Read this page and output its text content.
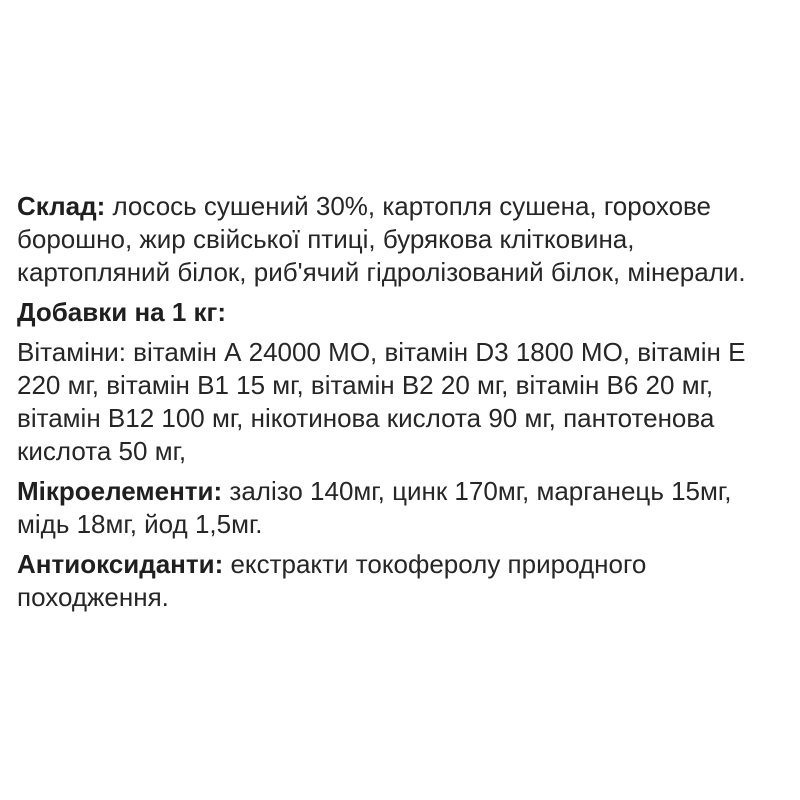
Склад: лосось сушений 30%, картопля сушена, горохове
борошно, жир свійської птиці, бурякова клітковина,
картопляний білок, риб'ячий гідролізований білок, мінерали.

Добавки на 1 кг:

Вітаміни: вітамін А 24000 МО, вітамін D3 1800 МО, вітамін Е
220 мг, вітамін В1 15 мг, вітамін В2 20 мг, вітамін В6 20 мг,
вітамін В12 100 мг, нікотинова кислота 90 мг, пантотенова
кислота 50 мг,

Мікроелементи: залізо 140мг, цинк 170мг, марганець 15мг,
мідь 18мг, йод 1,5мг.

Антиоксиданти: екстракти токоферолу природного
походження.
